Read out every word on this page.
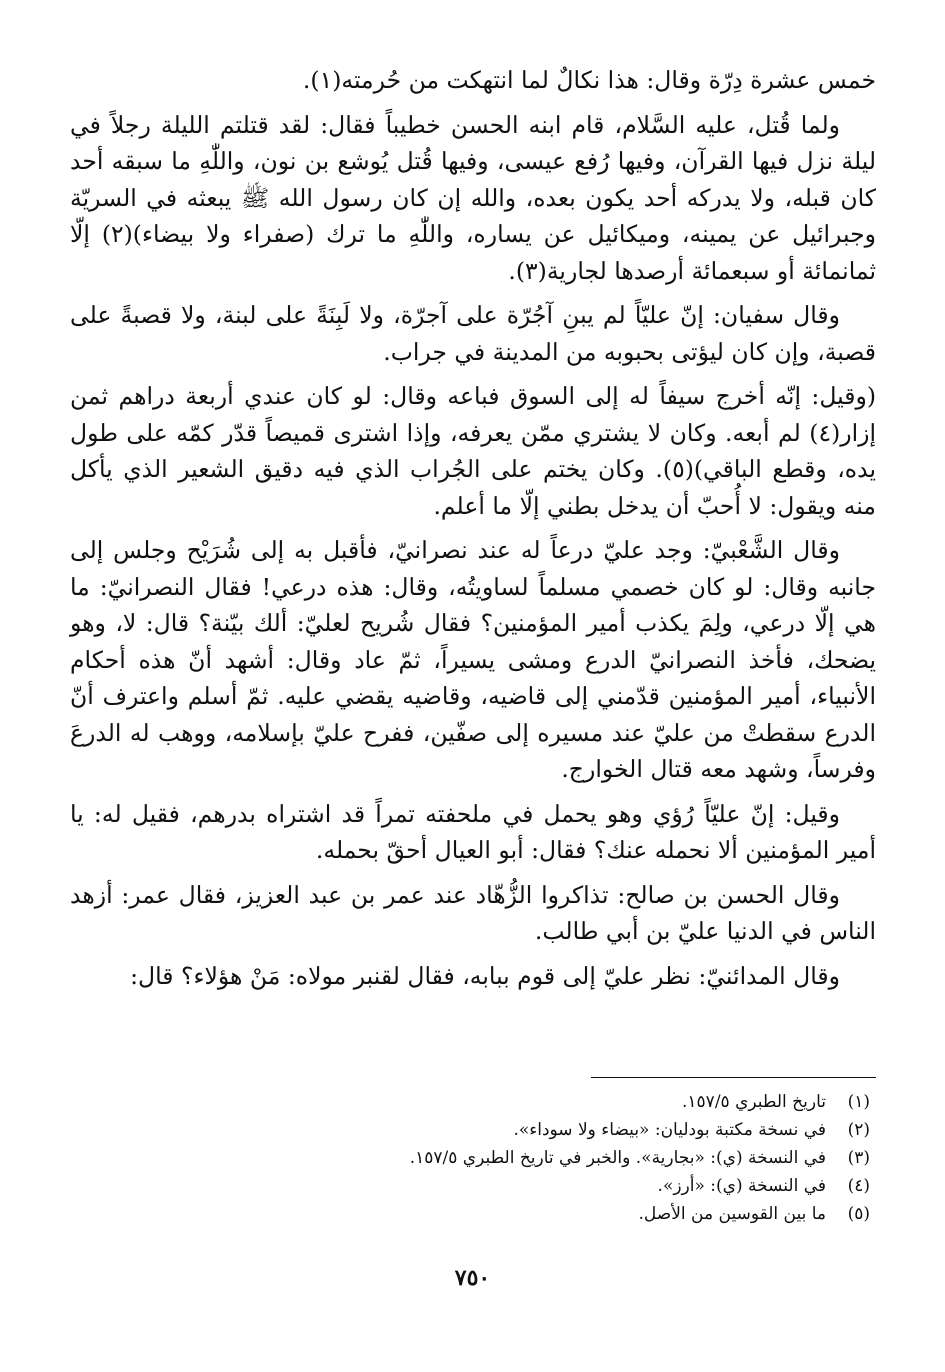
خمس عشرة دِرّة وقال: هذا نكالٌ لما انتهكت من حُرمته(١).

ولما قُتل، عليه السَّلام، قام ابنه الحسن خطيباً فقال: لقد قتلتم الليلة رجلاً في ليلة نزل فيها القرآن، وفيها رُفع عيسى، وفيها قُتل يُوشع بن نون، واللّٰهِ ما سبقه أحد كان قبله، ولا يدركه أحد يكون بعده، والله إن كان رسول الله ﷺ يبعثه في السريّة وجبرائيل عن يمينه، وميكائيل عن يساره، واللّٰهِ ما ترك (صفراء ولا بيضاء)(٢) إلّا ثمانمائة أو سبعمائة أرصدها لجارية(٣).

وقال سفيان: إنّ عليّاً لم يبنِ آجُرّة على آجرّة، ولا لَبِنَةً على لبنة، ولا قصبةً على قصبة، وإن كان ليؤتى بحبوبه من المدينة في جراب.

(وقيل: إنّه أخرج سيفاً له إلى السوق فباعه وقال: لو كان عندي أربعة دراهم ثمن إزار(٤) لم أبعه. وكان لا يشتري ممّن يعرفه، وإذا اشترى قميصاً قدّر كمّه على طول يده، وقطع الباقي)(٥). وكان يختم على الجُراب الذي فيه دقيق الشعير الذي يأكل منه ويقول: لا أُحبّ أن يدخل بطني إلّا ما أعلم.

وقال الشَّعْبيّ: وجد عليّ درعاً له عند نصرانيّ، فأقبل به إلى شُرَيْح وجلس إلى جانبه وقال: لو كان خصمي مسلماً لساويتُه، وقال: هذه درعي! فقال النصرانيّ: ما هي إلّا درعي، ولِمَ يكذب أمير المؤمنين؟ فقال شُريح لعليّ: ألك بيّنة؟ قال: لا، وهو يضحك، فأخذ النصرانيّ الدرع ومشى يسيراً، ثمّ عاد وقال: أشهد أنّ هذه أحكام الأنبياء، أمير المؤمنين قدّمني إلى قاضيه، وقاضيه يقضي عليه. ثمّ أسلم واعترف أنّ الدرع سقطتْ من عليّ عند مسيره إلى صفّين، ففرح عليّ بإسلامه، ووهب له الدرعَ وفرساً، وشهد معه قتال الخوارج.

وقيل: إنّ عليّاً رُؤي وهو يحمل في ملحفته تمراً قد اشتراه بدرهم، فقيل له: يا أمير المؤمنين ألا نحمله عنك؟ فقال: أبو العيال أحقّ بحمله.

وقال الحسن بن صالح: تذاكروا الزُّهّاد عند عمر بن عبد العزيز، فقال عمر: أزهد الناس في الدنيا عليّ بن أبي طالب.

وقال المدائنيّ: نظر عليّ إلى قوم ببابه، فقال لقنبر مولاه: مَنْ هؤلاء؟ قال:

(١)
تاريخ الطبري ١٥٧/٥.
(٢)
في نسخة مكتبة بودليان: «بيضاء ولا سوداء».
(٣)
في النسخة (ي): «بجارية». والخبر في تاريخ الطبري ١٥٧/٥.
(٤)
في النسخة (ي): «أرز».
(٥)
ما بين القوسين من الأصل.
٧٥٠
